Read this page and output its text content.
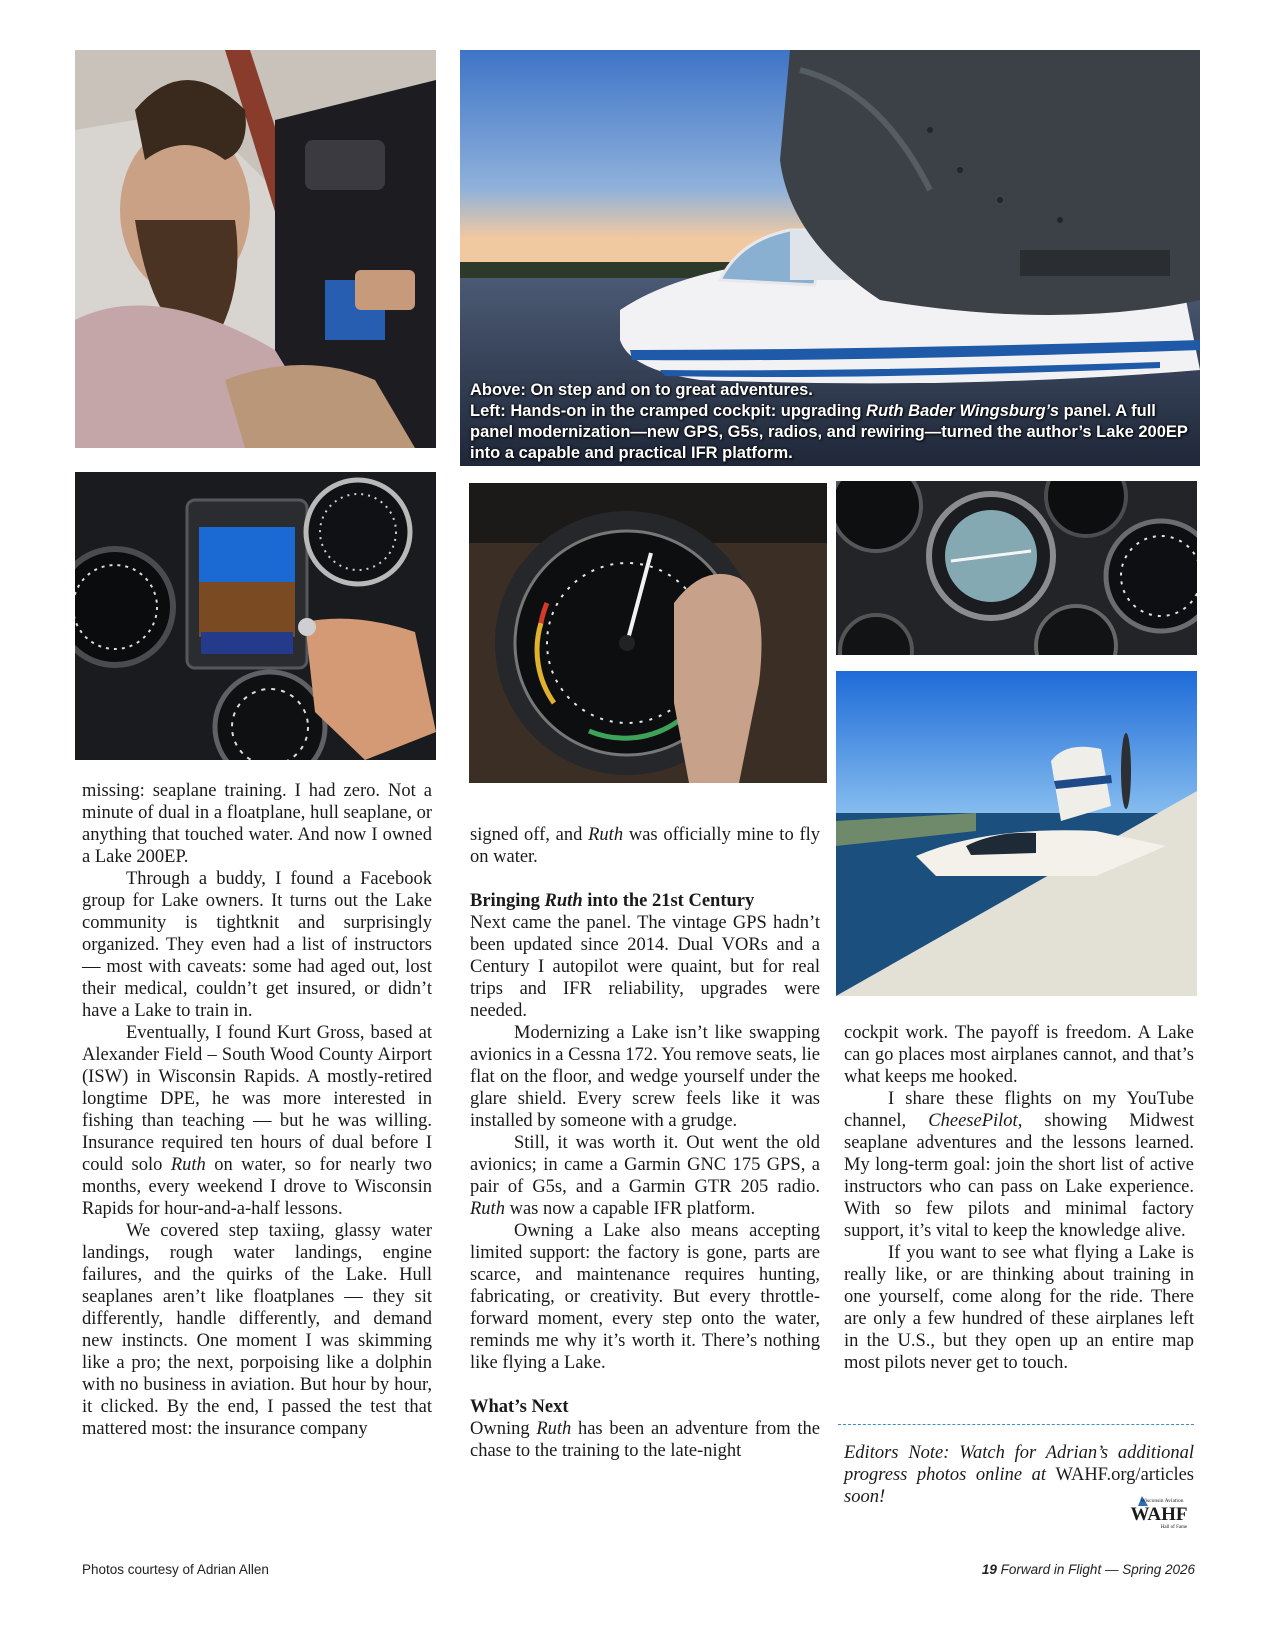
Above: On step and on to great adventures.

Left: Hands-on in the cramped cockpit: upgrading Ruth Bader Wingsburg’s panel. A full panel modernization—new GPS, G5s, radios, and rewiring—turned the author’s Lake 200EP into a capable and practical IFR platform.

missing: seaplane training. I had zero. Not a minute of dual in a floatplane, hull seaplane, or anything that touched water. And now I owned a Lake 200EP.

Through a buddy, I found a Facebook group for Lake owners. It turns out the Lake community is tightknit and surprisingly organized. They even had a list of instructors — most with caveats: some had aged out, lost their medical, couldn’t get insured, or didn’t have a Lake to train in.

Eventually, I found Kurt Gross, based at Alexander Field – South Wood County Airport (ISW) in Wisconsin Rapids. A mostly-retired longtime DPE, he was more interested in fishing than teaching — but he was willing. Insurance required ten hours of dual before I could solo Ruth on water, so for nearly two months, every weekend I drove to Wisconsin Rapids for hour-and-a-half lessons.

We covered step taxiing, glassy water landings, rough water landings, engine failures, and the quirks of the Lake. Hull seaplanes aren’t like floatplanes — they sit differently, handle differently, and demand new instincts. One moment I was skimming like a pro; the next, porpoising like a dolphin with no business in aviation. But hour by hour, it clicked. By the end, I passed the test that mattered most: the insurance company

signed off, and Ruth was officially mine to fly on water.

Bringing Ruth into the 21st Century

Next came the panel. The vintage GPS hadn’t been updated since 2014. Dual VORs and a Century I autopilot were quaint, but for real trips and IFR reliability, upgrades were needed.

Modernizing a Lake isn’t like swapping avionics in a Cessna 172. You remove seats, lie flat on the floor, and wedge yourself under the glare shield. Every screw feels like it was installed by someone with a grudge.

Still, it was worth it. Out went the old avionics; in came a Garmin GNC 175 GPS, a pair of G5s, and a Garmin GTR 205 radio. Ruth was now a capable IFR platform.

Owning a Lake also means accepting limited support: the factory is gone, parts are scarce, and maintenance requires hunting, fabricating, or creativity. But every throttle-forward moment, every step onto the water, reminds me why it’s worth it. There’s nothing like flying a Lake.

What’s Next

Owning Ruth has been an adventure from the chase to the training to the late-night

cockpit work. The payoff is freedom. A Lake can go places most airplanes cannot, and that’s what keeps me hooked.

I share these flights on my YouTube channel, CheesePilot, showing Midwest seaplane adventures and the lessons learned. My long-term goal: join the short list of active instructors who can pass on Lake experience. With so few pilots and minimal factory support, it’s vital to keep the knowledge alive.

If you want to see what flying a Lake is really like, or are thinking about training in one yourself, come along for the ride. There are only a few hundred of these airplanes left in the U.S., but they open up an entire map most pilots never get to touch.

Editors Note: Watch for Adrian’s additional progress photos online at WAHF.org/articles soon!	Wisconsin Aviation
WAHF
Hall of Fame
Photos courtesy of Adrian Allen	19 Forward in Flight — Spring 2026
